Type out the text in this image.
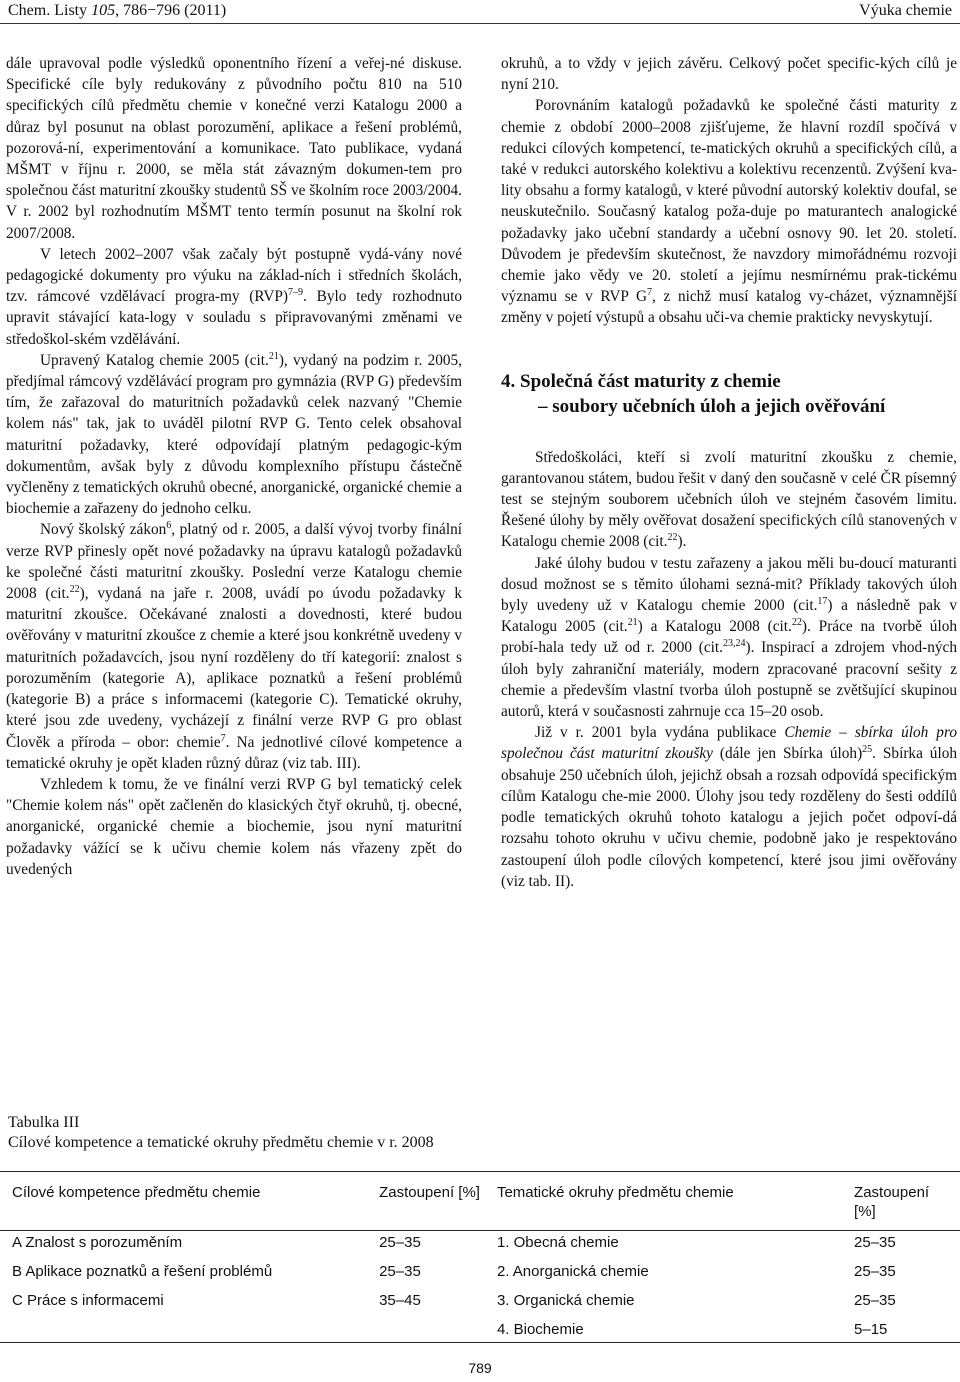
Chem. Listy 105, 786−796 (2011)	Výuka chemie

dále upravoval podle výsledků oponentního řízení a veřej-né diskuse. Specifické cíle byly redukovány z původního počtu 810 na 510 specifických cílů předmětu chemie v konečné verzi Katalogu 2000 a důraz byl posunut na oblast porozumění, aplikace a řešení problémů, pozorová-ní, experimentování a komunikace. Tato publikace, vydaná MŠMT v říjnu r. 2000, se měla stát závazným dokumen-tem pro společnou část maturitní zkoušky studentů SŠ ve školním roce 2003/2004. V r. 2002 byl rozhodnutím MŠMT tento termín posunut na školní rok 2007/2008.

V letech 2002–2007 však začaly být postupně vydá-vány nové pedagogické dokumenty pro výuku na základ-ních i středních školách, tzv. rámcové vzdělávací progra-my (RVP)$^{7-9}$. Bylo tedy rozhodnuto upravit stávající kata-logy v souladu s připravovanými změnami ve středoškol-ském vzdělávání.

Upravený Katalog chemie 2005 (cit.$^{21}$), vydaný na podzim r. 2005, předjímal rámcový vzdělávácí program pro gymnázia (RVP G) především tím, že zařazoval do maturitních požadavků celek nazvaný "Chemie kolem nás" tak, jak to uváděl pilotní RVP G. Tento celek obsahoval maturitní požadavky, které odpovídají platným pedagogic-kým dokumentům, avšak byly z důvodu komplexního přístupu částečně vyčleněny z tematických okruhů obecné, anorganické, organické chemie a biochemie a zařazeny do jednoho celku.

Nový školský zákon$^6$, platný od r. 2005, a další vývoj tvorby finální verze RVP přinesly opět nové požadavky na úpravu katalogů požadavků ke společné části maturitní zkoušky. Poslední verze Katalogu chemie 2008 (cit.$^{22}$), vydaná na jaře r. 2008, uvádí po úvodu požadavky k maturitní zkoušce. Očekávané znalosti a dovednosti, které budou ověřovány v maturitní zkoušce z chemie a které jsou konkrétně uvedeny v maturitních požadavcích, jsou nyní rozděleny do tří kategorií: znalost s porozuměním (kategorie A), aplikace poznatků a řešení problémů (kategorie B) a práce s informacemi (kategorie C). Tematické okruhy, které jsou zde uvedeny, vycházejí z finální verze RVP G pro oblast Člověk a příroda – obor: chemie$^7$. Na jednotlivé cílové kompetence a tematické okruhy je opět kladen různý důraz (viz tab. III).

Vzhledem k tomu, že ve finální verzi RVP G byl tematický celek "Chemie kolem nás" opět začleněn do klasických čtyř okruhů, tj. obecné, anorganické, organické chemie a biochemie, jsou nyní maturitní požadavky vážící se k učivu chemie kolem nás vřazeny zpět do uvedených

okruhů, a to vždy v jejich závěru. Celkový počet specific-kých cílů je nyní 210.

Porovnáním katalogů požadavků ke společné části maturity z chemie z období 2000–2008 zjišťujeme, že hlavní rozdíl spočívá v redukci cílových kompetencí, te-matických okruhů a specifických cílů, a také v redukci autorského kolektivu a kolektivu recenzentů. Zvýšení kva-lity obsahu a formy katalogů, v které původní autorský kolektiv doufal, se neuskutečnilo. Současný katalog poža-duje po maturantech analogické požadavky jako učební standardy a učební osnovy 90. let 20. století. Důvodem je především skutečnost, že navzdory mimořádnému rozvoji chemie jako vědy ve 20. století a jejímu nesmírnému prak-tickému významu se v RVP $G^7$, z nichž musí katalog vy-cházet, významnější změny v pojetí výstupů a obsahu uči-va chemie prakticky nevyskytují.

4. Společná část maturity z chemie
– soubory učebních úloh a jejich ověřování

Středoškoláci, kteří si zvolí maturitní zkoušku z chemie, garantovanou státem, budou řešit v daný den současně v celé ČR písemný test se stejným souborem učebních úloh ve stejném časovém limitu. Řešené úlohy by měly ověřovat dosažení specifických cílů stanovených v Katalogu chemie 2008 (cit.$^{22}$).

Jaké úlohy budou v testu zařazeny a jakou měli bu-doucí maturanti dosud možnost se s těmito úlohami sezná-mit? Příklady takových úloh byly uvedeny už v Katalogu chemie 2000 (cit.$^{17}$) a následně pak v Katalogu 2005 (cit.$^{21}$) a Katalogu 2008 (cit.$^{22}$). Práce na tvorbě úloh probí-hala tedy už od r. 2000 (cit.$^{23,24}$). Inspirací a zdrojem vhod-ných úloh byly zahraniční materiály, modern zpracované pracovní sešity z chemie a především vlastní tvorba úloh postupně se zvětšující skupinou autorů, která v současnosti zahrnuje cca 15–20 osob.

Již v r. 2001 byla vydána publikace Chemie – sbírka úloh pro společnou část maturitní zkoušky (dále jen Sbírka úloh)$^{25}$. Sbírka úloh obsahuje 250 učebních úloh, jejichž obsah a rozsah odpovídá specifickým cílům Katalogu che-mie 2000. Úlohy jsou tedy rozděleny do šesti oddílů podle tematických okruhů tohoto katalogu a jejich počet odpoví-dá rozsahu tohoto okruhu v učivu chemie, podobně jako je respektováno zastoupení úloh podle cílových kompetencí, které jsou jimi ověřovány (viz tab. II).

Tabulka III
Cílové kompetence a tematické okruhy předmětu chemie v r. 2008
Cílové kompetence předmětu chemie	Zastoupení [%]	Tematické okruhy předmětu chemie	Zastoupení [%]
A Znalost s porozuměním	25–35	1. Obecná chemie	25–35
B Aplikace poznatků a řešení problémů	25–35	2. Anorganická chemie	25–35
C Práce s informacemi	35–45	3. Organická chemie	25–35
		4. Biochemie	5–15
789
